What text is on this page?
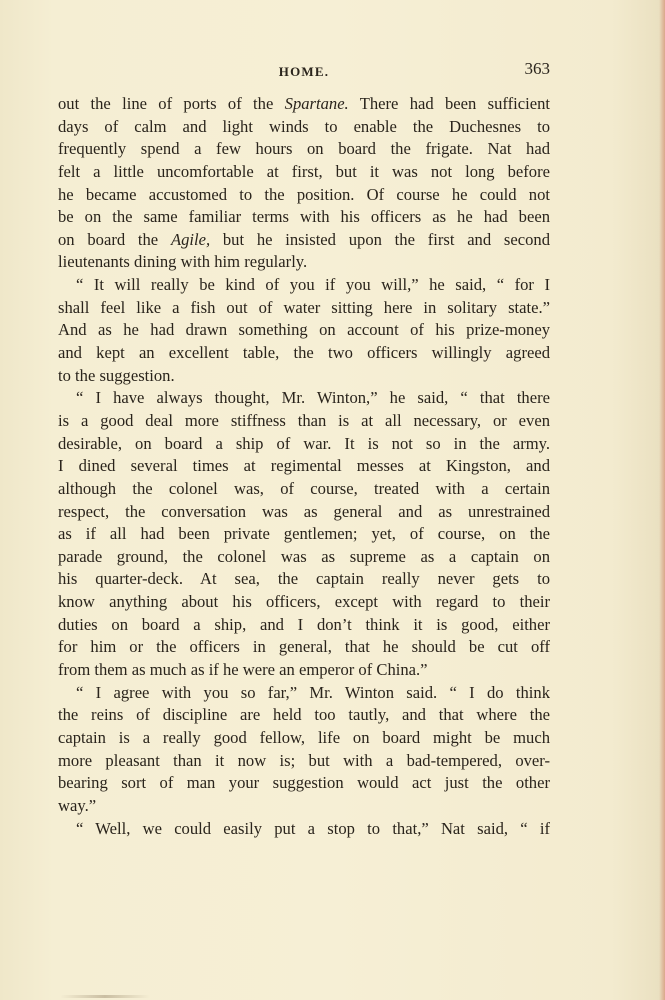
HOME.	363
out the line of ports of the Spartane. There had been sufficient
days of calm and light winds to enable the Duchesnes to
frequently spend a few hours on board the frigate. Nat had
felt a little uncomfortable at first, but it was not long before
he became accustomed to the position. Of course he could not
be on the same familiar terms with his officers as he had been
on board the Agile, but he insisted upon the first and second
lieutenants dining with him regularly.
“ It will really be kind of you if you will,” he said, “ for I
shall feel like a fish out of water sitting here in solitary state.”
And as he had drawn something on account of his prize-money
and kept an excellent table, the two officers willingly agreed
to the suggestion.
“ I have always thought, Mr. Winton,” he said, “ that there
is a good deal more stiffness than is at all necessary, or even
desirable, on board a ship of war. It is not so in the army.
I dined several times at regimental messes at Kingston, and
although the colonel was, of course, treated with a certain
respect, the conversation was as general and as unrestrained
as if all had been private gentlemen; yet, of course, on the
parade ground, the colonel was as supreme as a captain on
his quarter-deck. At sea, the captain really never gets to
know anything about his officers, except with regard to their
duties on board a ship, and I don’t think it is good, either
for him or the officers in general, that he should be cut off
from them as much as if he were an emperor of China.”
“ I agree with you so far,” Mr. Winton said. “ I do think
the reins of discipline are held too tautly, and that where the
captain is a really good fellow, life on board might be much
more pleasant than it now is; but with a bad-tempered, over-
bearing sort of man your suggestion would act just the other
way.”
“ Well, we could easily put a stop to that,” Nat said, “ if
